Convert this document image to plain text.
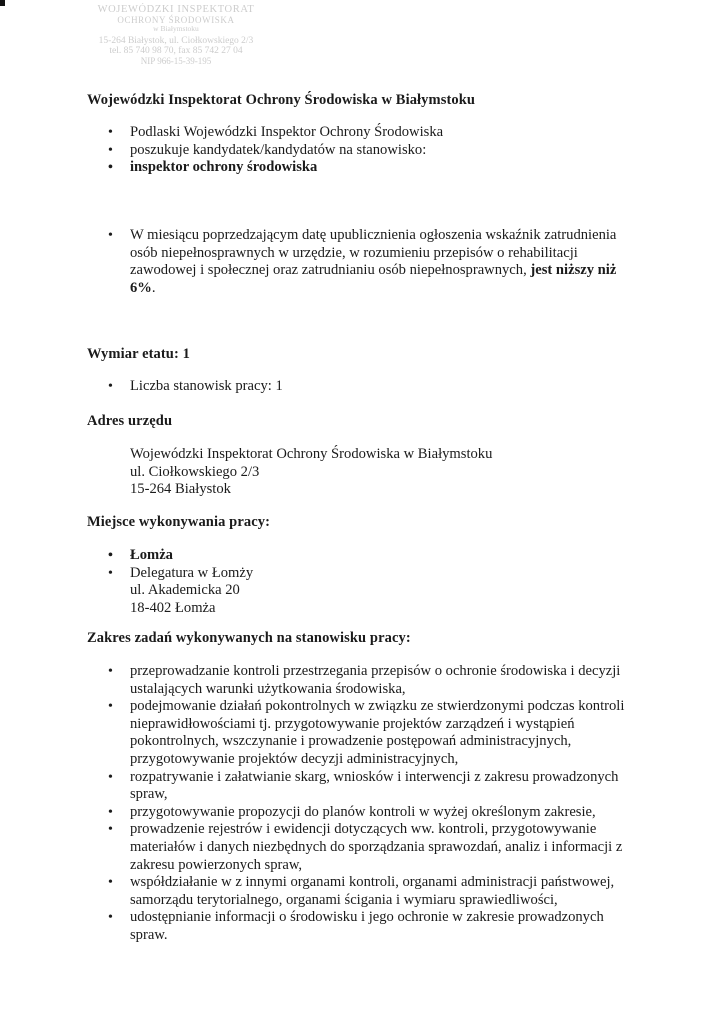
WOJEWÓDZKI INSPEKTORAT
OCHRONY ŚRODOWISKA
w Białymstoku
15-264 Białystok, ul. Ciołkowskiego 2/3
tel. 85 740 98 70, fax 85 742 27 04
NIP 966-15-39-195
Wojewódzki Inspektorat Ochrony Środowiska w Białymstoku
• Podlaski Wojewódzki Inspektor Ochrony Środowiska
• poszukuje kandydatek/kandydatów na stanowisko:
• inspektor ochrony środowiska
• W miesiącu poprzedzającym datę upublicznienia ogłoszenia wskaźnik zatrudnienia osób niepełnosprawnych w urzędzie, w rozumieniu przepisów o rehabilitacji zawodowej i społecznej oraz zatrudnianiu osób niepełnosprawnych, jest niższy niż 6%.
Wymiar etatu: 1
• Liczba stanowisk pracy: 1
Adres urzędu
Wojewódzki Inspektorat Ochrony Środowiska w Białymstoku
ul. Ciołkowskiego 2/3
15-264 Białystok
Miejsce wykonywania pracy:
• Łomża
• Delegatura w Łomży
ul. Akademicka 20
18-402 Łomża
Zakres zadań wykonywanych na stanowisku pracy:
• przeprowadzanie kontroli przestrzegania przepisów o ochronie środowiska i decyzji ustalających warunki użytkowania środowiska,
• podejmowanie działań pokontrolnych w związku ze stwierdzonymi podczas kontroli nieprawidłowościami tj. przygotowywanie projektów zarządzeń i wystąpień pokontrolnych, wszczynanie i prowadzenie postępowań administracyjnych, przygotowywanie projektów decyzji administracyjnych,
• rozpatrywanie i załatwianie skarg, wniosków i interwencji z zakresu prowadzonych spraw,
• przygotowywanie propozycji do planów kontroli w wyżej określonym zakresie,
• prowadzenie rejestrów i ewidencji dotyczących ww. kontroli, przygotowywanie materiałów i danych niezbędnych do sporządzania sprawozdań, analiz i informacji z zakresu powierzonych spraw,
• współdziałanie w z innymi organami kontroli, organami administracji państwowej, samorządu terytorialnego, organami ścigania i wymiaru sprawiedliwości,
• udostępnianie informacji o środowisku i jego ochronie w zakresie prowadzonych spraw.
